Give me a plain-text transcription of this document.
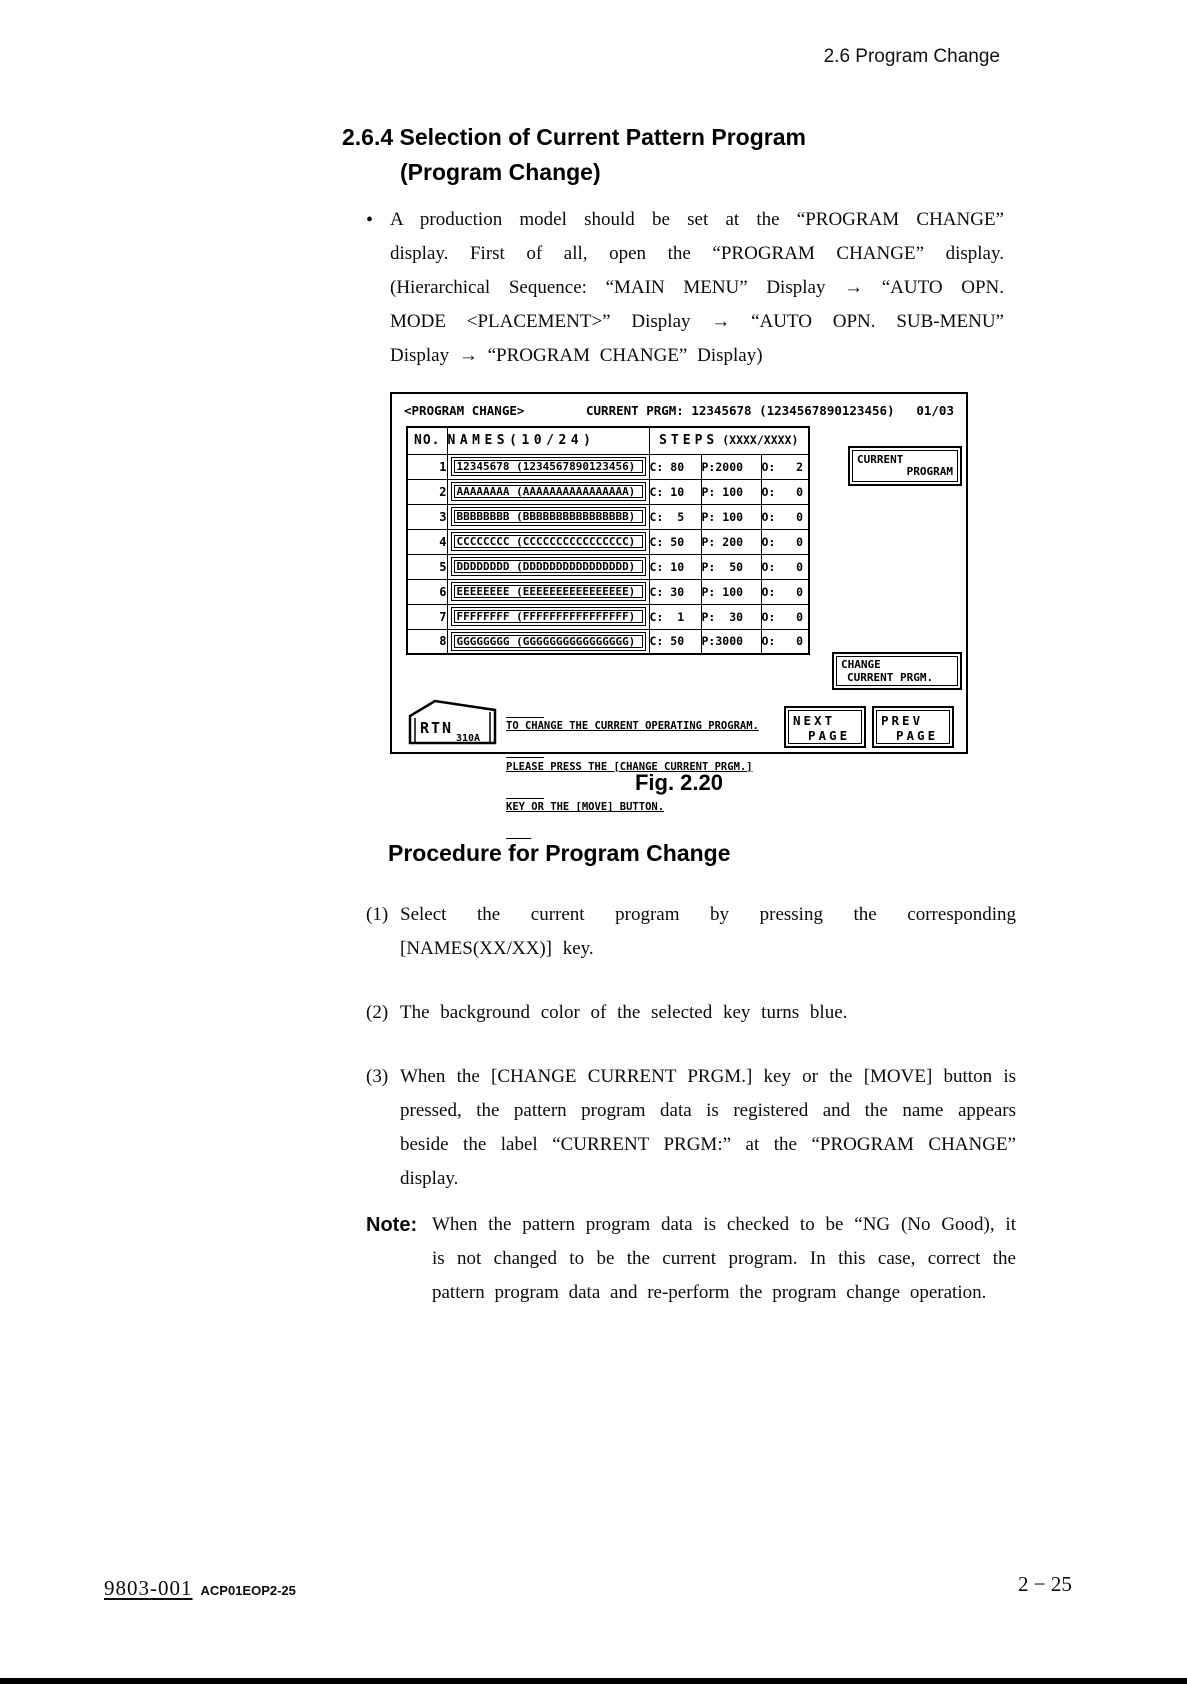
2.6 Program Change
2.6.4 Selection of Current Pattern Program
(Program Change)
• A production model should be set at the “PROGRAM CHANGE” display. First of all, open the “PROGRAM CHANGE” display. (Hierarchical Sequence: “MAIN MENU” Display → “AUTO OPN. MODE <PLACEMENT>” Display → “AUTO OPN. SUB-MENU” Display → “PROGRAM CHANGE” Display)
<PROGRAM CHANGE>	CURRENT PRGM: 12345678 (1234567890123456) 01/03
NO.	NAMES(10/24)	STEPS (XXXX/XXXX)		
1	12345678 (1234567890123456)	C: 80	P:2000	O:   2
2	AAAAAAAA (AAAAAAAAAAAAAAAA)	C: 10	P: 100	O:   0
3	BBBBBBBB (BBBBBBBBBBBBBBBB)	C:  5	P: 100	O:   0
4	CCCCCCCC (CCCCCCCCCCCCCCCC)	C: 50	P: 200	O:   0
5	DDDDDDDD (DDDDDDDDDDDDDDDD)	C: 10	P:  50	O:   0
6	EEEEEEEE (EEEEEEEEEEEEEEEE)	C: 30	P: 100	O:   0
7	FFFFFFFF (FFFFFFFFFFFFFFFF)	C:  1	P:  30	O:   0
8	GGGGGGGG (GGGGGGGGGGGGGGGG)	C: 50	P:3000	O:   0
CURRENT
PROGRAM
CHANGE
CURRENT PRGM.
RTN
310A

TO CHANGE THE CURRENT OPERATING PROGRAM.

PLEASE PRESS THE [CHANGE CURRENT PRGM.]

KEY OR THE [MOVE] BUTTON.

NEXT
PAGE
PREV
PAGE
Fig. 2.20
Procedure for Program Change
(1) Select the current program by pressing the corresponding [NAMES(XX/XX)] key.
(2) The background color of the selected key turns blue.
(3) When the [CHANGE CURRENT PRGM.] key or the [MOVE] button is pressed, the pattern program data is registered and the name appears beside the label “CURRENT PRGM:” at the “PROGRAM CHANGE” display.
Note: When the pattern program data is checked to be “NG (No Good), it is not changed to be the current program. In this case, correct the pattern program data and re-perform the program change operation.
9803-001 ACP01EOP2-25	2 − 25
